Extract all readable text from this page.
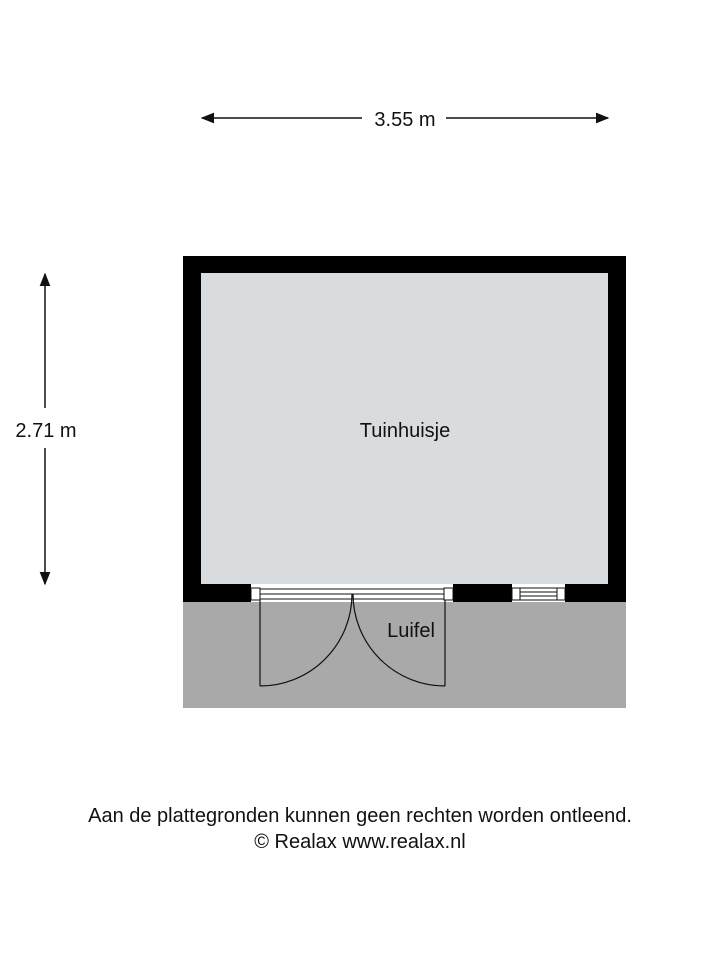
3.55 m
2.71 m	Tuinhuisje
Luifel
Aan de plattegronden kunnen geen rechten worden ontleend.
© Realax www.realax.nl
